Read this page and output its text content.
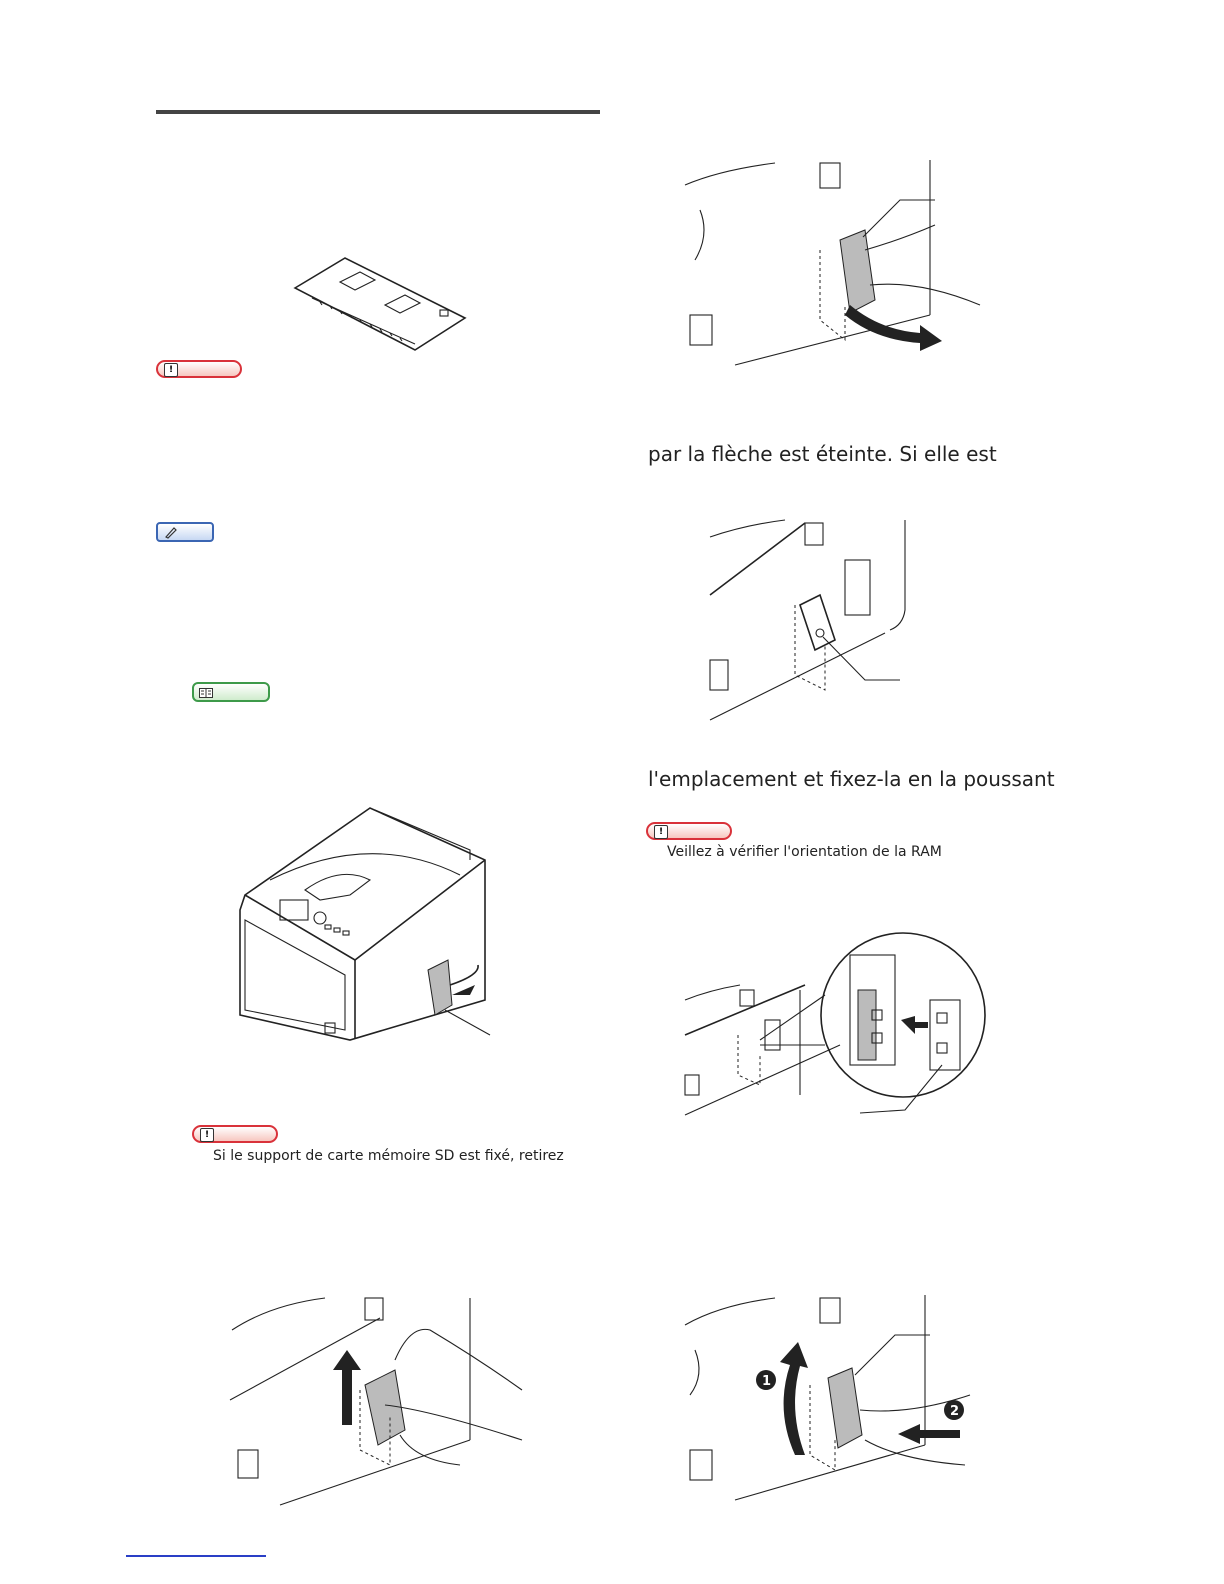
!
!
Si le support de carte mémoire SD est fixé, retirez
par la flèche est éteinte. Si elle est
l'emplacement et fixez-la en la poussant
!
Veillez à vérifier l'orientation de la RAM
1
2
